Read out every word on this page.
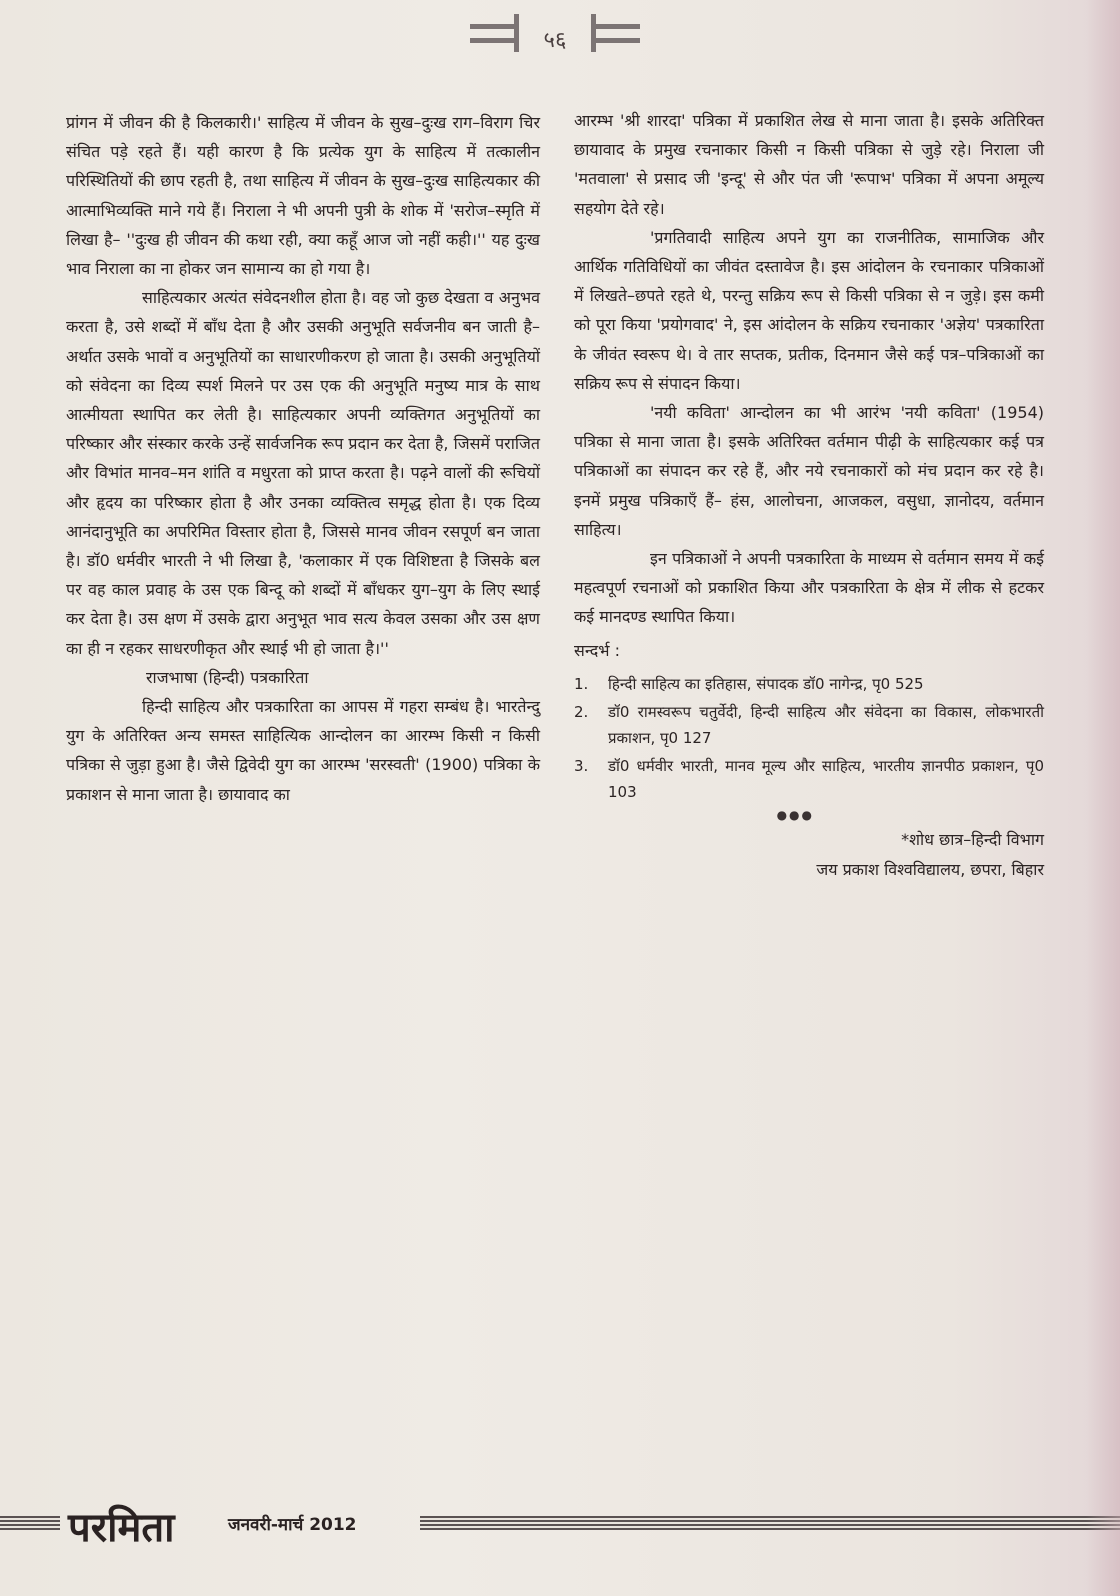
५६

प्रांगन में जीवन की है किलकारी।' साहित्य में जीवन के सुख–दुःख राग–विराग चिर संचित पड़े रहते हैं। यही कारण है कि प्रत्येक युग के साहित्य में तत्कालीन परिस्थितियों की छाप रहती है, तथा साहित्य में जीवन के सुख–दुःख साहित्यकार की आत्माभिव्यक्ति माने गये हैं। निराला ने भी अपनी पुत्री के शोक में 'सरोज–स्मृति में लिखा है– ''दुःख ही जीवन की कथा रही, क्या कहूँ आज जो नहीं कही।'' यह दुःख भाव निराला का ना होकर जन सामान्य का हो गया है।

साहित्यकार अत्यंत संवेदनशील होता है। वह जो कुछ देखता व अनुभव करता है, उसे शब्दों में बाँध देता है और उसकी अनुभूति सर्वजनीव बन जाती है– अर्थात उसके भावों व अनुभूतियों का साधारणीकरण हो जाता है। उसकी अनुभूतियों को संवेदना का दिव्य स्पर्श मिलने पर उस एक की अनुभूति मनुष्य मात्र के साथ आत्मीयता स्थापित कर लेती है। साहित्यकार अपनी व्यक्तिगत अनुभूतियों का परिष्कार और संस्कार करके उन्हें सार्वजनिक रूप प्रदान कर देता है, जिसमें पराजित और विभांत मानव–मन शांति व मधुरता को प्राप्त करता है। पढ़ने वालों की रूचियों और हृदय का परिष्कार होता है और उनका व्यक्तित्व समृद्ध होता है। एक दिव्य आनंदानुभूति का अपरिमित विस्तार होता है, जिससे मानव जीवन रसपूर्ण बन जाता है। डॉ0 धर्मवीर भारती ने भी लिखा है, 'कलाकार में एक विशिष्टता है जिसके बल पर वह काल प्रवाह के उस एक बिन्दू को शब्दों में बाँधकर युग–युग के लिए स्थाई कर देता है। उस क्षण में उसके द्वारा अनुभूत भाव सत्य केवल उसका और उस क्षण का ही न रहकर साधरणीकृत और स्थाई भी हो जाता है।''

राजभाषा (हिन्दी) पत्रकारिता

हिन्दी साहित्य और पत्रकारिता का आपस में गहरा सम्बंध है। भारतेन्दु युग के अतिरिक्त अन्य समस्त साहित्यिक आन्दोलन का आरम्भ किसी न किसी पत्रिका से जुड़ा हुआ है। जैसे द्विवेदी युग का आरम्भ 'सरस्वती' (1900) पत्रिका के प्रकाशन से माना जाता है। छायावाद का

आरम्भ 'श्री शारदा' पत्रिका में प्रकाशित लेख से माना जाता है। इसके अतिरिक्त छायावाद के प्रमुख रचनाकार किसी न किसी पत्रिका से जुड़े रहे। निराला जी 'मतवाला' से प्रसाद जी 'इन्दू' से और पंत जी 'रूपाभ' पत्रिका में अपना अमूल्य सहयोग देते रहे।

'प्रगतिवादी साहित्य अपने युग का राजनीतिक, सामाजिक और आर्थिक गतिविधियों का जीवंत दस्तावेज है। इस आंदोलन के रचनाकार पत्रिकाओं में लिखते–छपते रहते थे, परन्तु सक्रिय रूप से किसी पत्रिका से न जुड़े। इस कमी को पूरा किया 'प्रयोगवाद' ने, इस आंदोलन के सक्रिय रचनाकार 'अज्ञेय' पत्रकारिता के जीवंत स्वरूप थे। वे तार सप्तक, प्रतीक, दिनमान जैसे कई पत्र–पत्रिकाओं का सक्रिय रूप से संपादन किया।

'नयी कविता' आन्दोलन का भी आरंभ 'नयी कविता' (1954) पत्रिका से माना जाता है। इसके अतिरिक्त वर्तमान पीढ़ी के साहित्यकार कई पत्र पत्रिकाओं का संपादन कर रहे हैं, और नये रचनाकारों को मंच प्रदान कर रहे है। इनमें प्रमुख पत्रिकाएँ हैं– हंस, आलोचना, आजकल, वसुधा, ज्ञानोदय, वर्तमान साहित्य।

इन पत्रिकाओं ने अपनी पत्रकारिता के माध्यम से वर्तमान समय में कई महत्वपूर्ण रचनाओं को प्रकाशित किया और पत्रकारिता के क्षेत्र में लीक से हटकर कई मानदण्ड स्थापित किया।

सन्दर्भ :

1. हिन्दी साहित्य का इतिहास, संपादक डॉ0 नागेन्द्र, पृ0 525
2. डॉ0 रामस्वरूप चतुर्वेदी, हिन्दी साहित्य और संवेदना का विकास, लोकभारती प्रकाशन, पृ0 127
3. डॉ0 धर्मवीर भारती, मानव मूल्य और साहित्य, भारतीय ज्ञानपीठ प्रकाशन, पृ0 103
●●●
*शोध छात्र–हिन्दी विभाग
जय प्रकाश विश्वविद्यालय, छपरा, बिहार
परमिता	जनवरी-मार्च 2012
